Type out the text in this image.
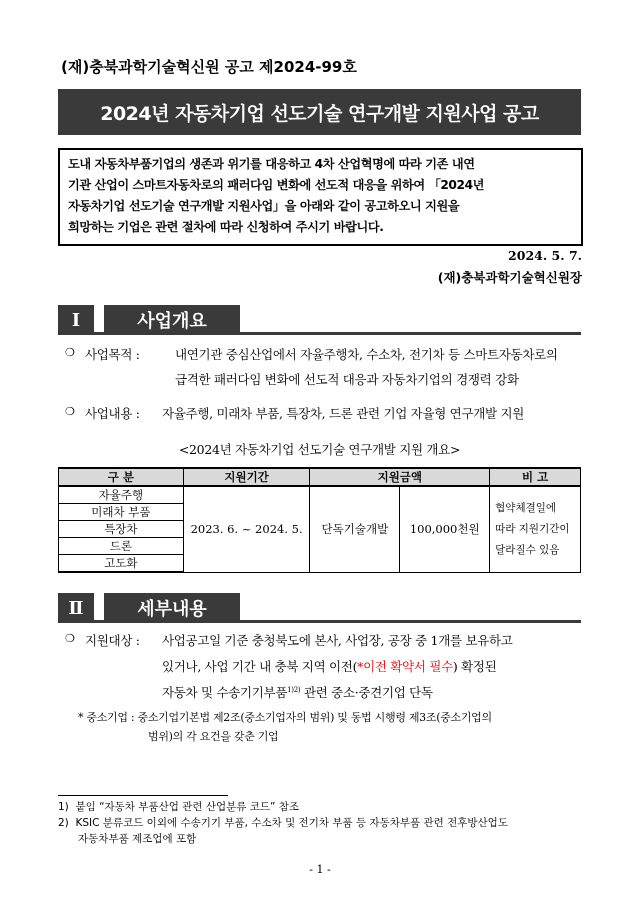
(재)충북과학기술혁신원 공고 제2024-99호
2024년 자동차기업 선도기술 연구개발 지원사업 공고
도내 자동차부품기업의 생존과 위기를 대응하고 4차 산업혁명에 따라 기존 내연
기관 산업이 스마트자동차로의 패러다임 변화에 선도적 대응을 위하여 「2024년
자동차기업 선도기술 연구개발 지원사업」을 아래와 같이 공고하오니 지원을
희망하는 기업은 관련 절차에 따라 신청하여 주시기 바랍니다.
2024. 5. 7.
(재)충북과학기술혁신원장
Ⅰ	사업개요
❍ 사업목적 :	내연기관 중심산업에서 자율주행차, 수소차, 전기차 등 스마트자동차로의
급격한 패러다임 변화에 선도적 대응과 자동차기업의 경쟁력 강화
❍ 사업내용 : 자율주행, 미래차 부품, 특장차, 드론 관련 기업 자율형 연구개발 지원
<2024년 자동차기업 선도기술 연구개발 지원 개요>
구 분	지원기간	지원금액		비 고
자율주행	2023. 6. ~ 2024. 5.	단독기술개발	100,000천원	협약체결일에
따라 지원기간이
달라질수 있음

미래차 부품				
특장차				
드론				
고도화				
Ⅱ	세부내용
❍ 지원대상 : 사업공고일 기준 충청북도에 본사, 사업장, 공장 중 1개를 보유하고
있거나, 사업 기간 내 충북 지역 이전(*이전 확약서 필수) 확정된
자동차 및 수송기기부품$^{1)2)}$ 관련 중소·중견기업 단독
* 중소기업 : 중소기업기본법 제2조(중소기업자의 범위) 및 동법 시행령 제3조(중소기업의
범위)의 각 요건을 갖춘 기업
1)  붙임 “자동차 부품산업 관련 산업분류 코드” 참조
2)  KSIC 분류코드 이외에 수송기기 부품, 수소차 및 전기차 부품 등 자동차부품 관련 전후방산업도
자동차부품 제조업에 포함
- 1 -
